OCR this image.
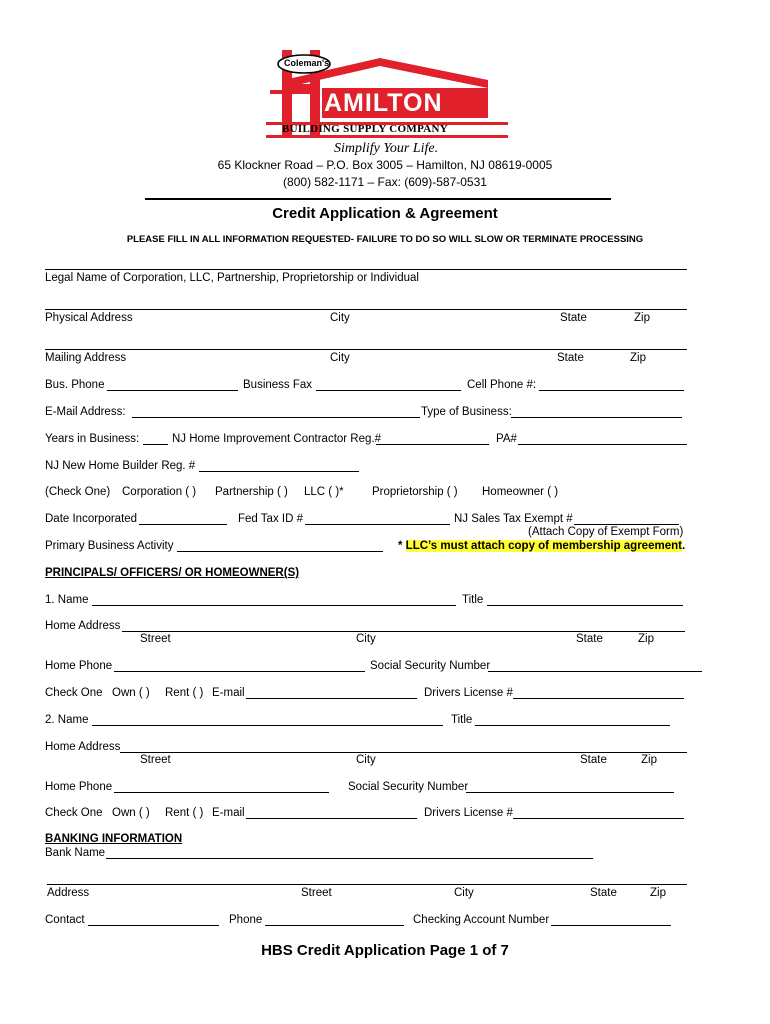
Coleman's
AMILTON
BUILDING SUPPLY COMPANY
Simplify Your Life.
65 Klockner Road – P.O. Box 3005 – Hamilton, NJ 08619-0005
(800) 582-1171 – Fax: (609)-587-0531
Credit Application & Agreement
PLEASE FILL IN ALL INFORMATION REQUESTED- FAILURE TO DO SO WILL SLOW OR TERMINATE PROCESSING
Legal Name of Corporation, LLC, Partnership, Proprietorship or Individual
Physical Address	City	State	Zip
Mailing Address	City	State	Zip
Bus. Phone	Business Fax	Cell Phone #:
E-Mail Address:	Type of Business:
Years in Business:	NJ Home Improvement Contractor Reg.#	PA#
NJ New Home Builder Reg. #
(Check One) Corporation ( ) Partnership ( ) LLC ( )* Proprietorship ( ) Homeowner ( )
Date Incorporated	Fed Tax ID #	NJ Sales Tax Exempt #
(Attach Copy of Exempt Form)
Primary Business Activity	* LLC’s must attach copy of membership agreement.
PRINCIPALS/ OFFICERS/ OR HOMEOWNER(S)
1. Name	Title
Home Address
Street	City	State	Zip
Home Phone	Social Security Number
Check One Own ( ) Rent ( ) E-mail	Drivers License #
2. Name	Title
Home Address
Street	City	State	Zip
Home Phone	Social Security Number
Check One Own ( ) Rent ( ) E-mail	Drivers License #
BANKING INFORMATION
Bank Name
Address	Street	City	State	Zip
Contact	Phone	Checking Account Number
HBS Credit Application Page 1 of 7
